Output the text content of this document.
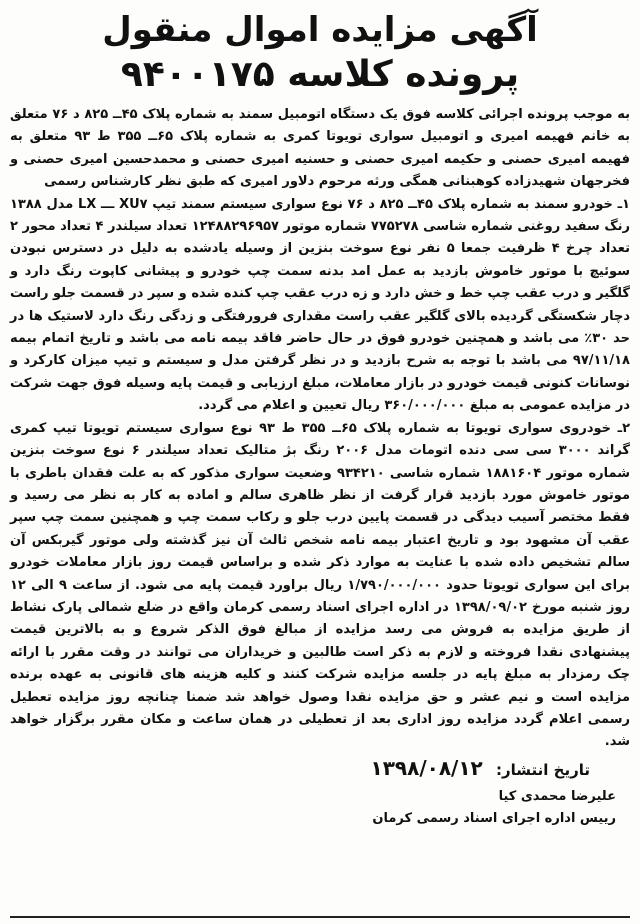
آگهی مزایده اموال منقول
پرونده کلاسه ۹۴۰۰۱۷۵

به موجب پرونده اجرائی کلاسه فوق یک دستگاه اتومبیل سمند به شماره پلاک ۴۵ــ ۸۲۵ د ۷۶ متعلق به خانم فهیمه امیری و اتومبیل سواری تویوتا کمری به شماره پلاک ۶۵ــ ۳۵۵ ط ۹۳ متعلق به فهیمه امیری حصنی و حکیمه امیری حصنی و حسنیه امیری حصنی و محمدحسین امیری حصنی و فخرجهان شهیدزاده کوهبنانی همگی ورثه مرحوم دلاور امیری که طبق نظر کارشناس رسمی

۱ـ خودرو سمند به شماره پلاک ۴۵ــ ۸۲۵ د ۷۶ نوع سواری سیستم سمند تیپ XU۷ ـــ LX مدل ۱۳۸۸ رنگ سفید روغنی شماره شاسی ۷۷۵۲۷۸ شماره موتور ۱۲۴۸۸۲۹۶۹۵۷ تعداد سیلندر ۴ تعداد محور ۲ تعداد چرخ ۴ ظرفیت جمعا ۵ نفر نوع سوخت بنزین از وسیله یادشده به دلیل در دسترس نبودن سوئیچ با موتور خاموش بازدید به عمل امد بدنه سمت چپ خودرو و پیشانی کاپوت رنگ دارد و گلگیر و درب عقب چپ خط و خش دارد و زه درب عقب چپ کنده شده و سپر در قسمت جلو راست دچار شکستگی گردیده بالای گلگیر عقب راست مقداری فرورفتگی و زدگی رنگ دارد لاستیک ها در حد ۳۰٪ می باشد و همچنین خودرو فوق در حال حاضر فاقد بیمه نامه می باشد و تاریخ اتمام بیمه ۹۷/۱۱/۱۸ می باشد با توجه به شرح بازدید و در نظر گرفتن مدل و سیستم و تیپ میزان کارکرد و نوسانات کنونی قیمت خودرو در بازار معاملات، مبلغ ارزیابی و قیمت پایه وسیله فوق جهت شرکت در مزایده عمومی به مبلغ ۳۶۰/۰۰۰/۰۰۰ ریال تعیین و اعلام می گردد.

۲ـ خودروی سواری تویوتا به شماره پلاک ۶۵ــ ۳۵۵ ط ۹۳ نوع سواری سیستم تویوتا تیپ کمری گراند ۳۰۰۰ سی سی دنده اتومات مدل ۲۰۰۶ رنگ بژ متالیک تعداد سیلندر ۶ نوع سوخت بنزین شماره موتور ۱۸۸۱۶۰۴ شماره شاسی ۹۳۴۲۱۰ وضعیت سواری مذکور که به علت فقدان باطری با موتور خاموش مورد بازدید قرار گرفت از نظر ظاهری سالم و اماده به کار به نظر می رسید و فقط مختصر آسیب دیدگی در قسمت پایین درب جلو و رکاب سمت چپ و همچنین سمت چپ سپر عقب آن مشهود بود و تاریخ اعتبار بیمه نامه شخص ثالث آن نیز گذشته ولی موتور گیربکس آن سالم تشخیص داده شده با عنایت به موارد ذکر شده و براساس قیمت روز بازار معاملات خودرو برای این سواری تویوتا حدود ۱/۷۹۰/۰۰۰/۰۰۰ ریال براورد قیمت پایه می شود. از ساعت ۹ الی ۱۲ روز شنبه مورخ ۱۳۹۸/۰۹/۰۲ در اداره اجرای اسناد رسمی کرمان واقع در ضلع شمالی پارک نشاط از طریق مزایده به فروش می رسد مزایده از مبالغ فوق الذکر شروع و به بالاترین قیمت پیشنهادی نقدا فروخته و لازم به ذکر است طالبین و خریداران می توانند در وقت مقرر با ارائه چک رمزدار به مبلغ پایه در جلسه مزایده شرکت کنند و کلیه هزینه های قانونی به عهده برنده مزایده است و نیم عشر و حق مزایده نقدا وصول خواهد شد ضمنا چنانچه روز مزایده تعطیل رسمی اعلام گردد مزایده روز اداری بعد از تعطیلی در همان ساعت و مکان مقرر برگزار خواهد شد.

تاریخ انتشار: ۱۳۹۸/۰۸/۱۲
علیرضا محمدی کیا
رییس اداره اجرای اسناد رسمی کرمان
